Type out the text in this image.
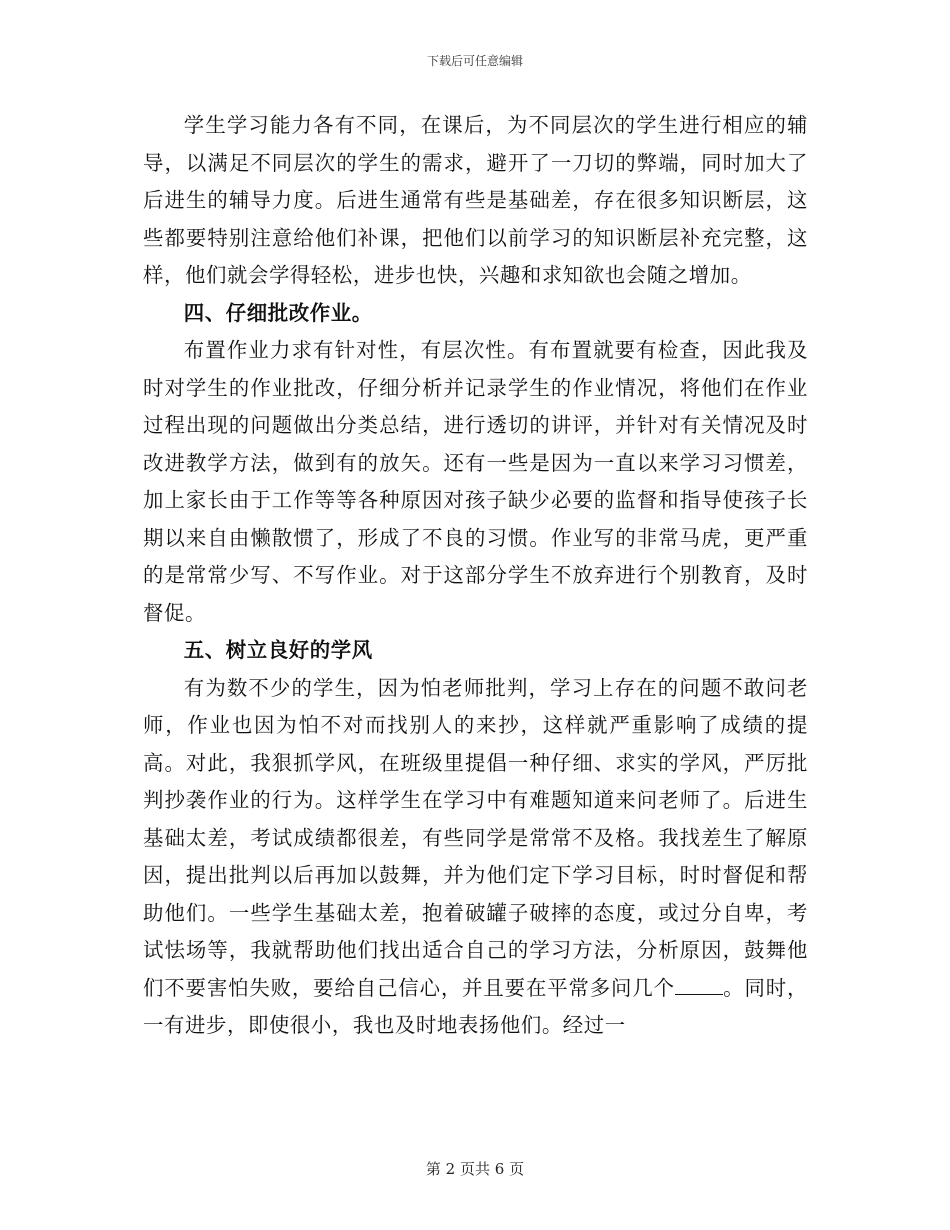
下载后可任意编辑

学生学习能力各有不同，在课后，为不同层次的学生进行相应的辅导，以满足不同层次的学生的需求，避开了一刀切的弊端，同时加大了后进生的辅导力度。后进生通常有些是基础差，存在很多知识断层，这些都要特别注意给他们补课，把他们以前学习的知识断层补充完整，这样，他们就会学得轻松，进步也快，兴趣和求知欲也会随之增加。

四、仔细批改作业。

布置作业力求有针对性，有层次性。有布置就要有检查，因此我及时对学生的作业批改，仔细分析并记录学生的作业情况，将他们在作业过程出现的问题做出分类总结，进行透切的讲评，并针对有关情况及时改进教学方法，做到有的放矢。还有一些是因为一直以来学习习惯差，加上家长由于工作等等各种原因对孩子缺少必要的监督和指导使孩子长期以来自由懒散惯了，形成了不良的习惯。作业写的非常马虎，更严重的是常常少写、不写作业。对于这部分学生不放弃进行个别教育，及时督促。

五、树立良好的学风

有为数不少的学生，因为怕老师批判，学习上存在的问题不敢问老师，作业也因为怕不对而找别人的来抄，这样就严重影响了成绩的提高。对此，我狠抓学风，在班级里提倡一种仔细、求实的学风，严厉批判抄袭作业的行为。这样学生在学习中有难题知道来问老师了。后进生基础太差，考试成绩都很差，有些同学是常常不及格。我找差生了解原因，提出批判以后再加以鼓舞，并为他们定下学习目标，时时督促和帮助他们。一些学生基础太差，抱着破罐子破摔的态度，或过分自卑，考试怯场等，我就帮助他们找出适合自己的学习方法，分析原因，鼓舞他们不要害怕失败，要给自己信心，并且要在平常多问几个 。同时，一有进步，即使很小，我也及时地表扬他们。经过一

第 2 页共 6 页
